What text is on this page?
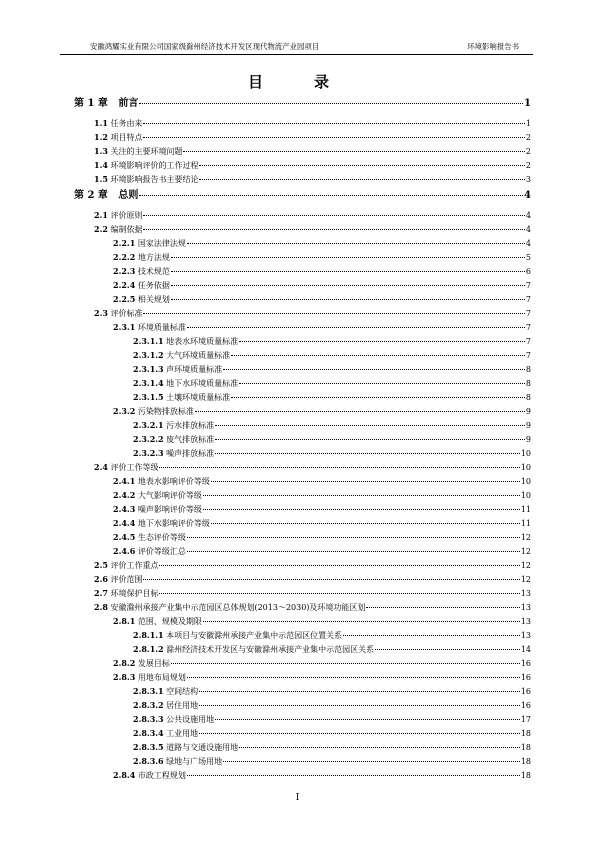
安徽鸿耀实业有限公司国家级滁州经济技术开发区现代物流产业园项目	环境影响报告书
目　录
第 1 章 前言	1
1.1 任务由来	1
1.2 项目特点	2
1.3 关注的主要环境问题	2
1.4 环境影响评价的工作过程	2
1.5 环境影响报告书主要结论	3
第 2 章 总则	4
2.1 评价原则	4
2.2 编制依据	4
2.2.1 国家法律法规	4
2.2.2 地方法规	5
2.2.3 技术规范	6
2.2.4 任务依据	7
2.2.5 相关规划	7
2.3 评价标准	7
2.3.1 环境质量标准	7
2.3.1.1 地表水环境质量标准	7
2.3.1.2 大气环境质量标准	7
2.3.1.3 声环境质量标准	8
2.3.1.4 地下水环境质量标准	8
2.3.1.5 土壤环境质量标准	8
2.3.2 污染物排放标准	9
2.3.2.1 污水排放标准	9
2.3.2.2 废气排放标准	9
2.3.2.3 噪声排放标准	10
2.4 评价工作等级	10
2.4.1 地表水影响评价等级	10
2.4.2 大气影响评价等级	10
2.4.3 噪声影响评价等级	11
2.4.4 地下水影响评价等级	11
2.4.5 生态评价等级	12
2.4.6 评价等级汇总	12
2.5 评价工作重点	12
2.6 评价范围	12
2.7 环境保护目标	13
2.8 安徽滁州承接产业集中示范园区总体规划(2013～2030)及环境功能区划	13
2.8.1 范围、规模及期限	13
2.8.1.1 本项目与安徽滁州承接产业集中示范园区位置关系	13
2.8.1.2 滁州经济技术开发区与安徽滁州承接产业集中示范园区关系	14
2.8.2 发展目标	16
2.8.3 用地布局规划	16
2.8.3.1 空间结构	16
2.8.3.2 居住用地	16
2.8.3.3 公共设施用地	17
2.8.3.4 工业用地	18
2.8.3.5 道路与交通设施用地	18
2.8.3.6 绿地与广场用地	18
2.8.4 市政工程规划	18
I
